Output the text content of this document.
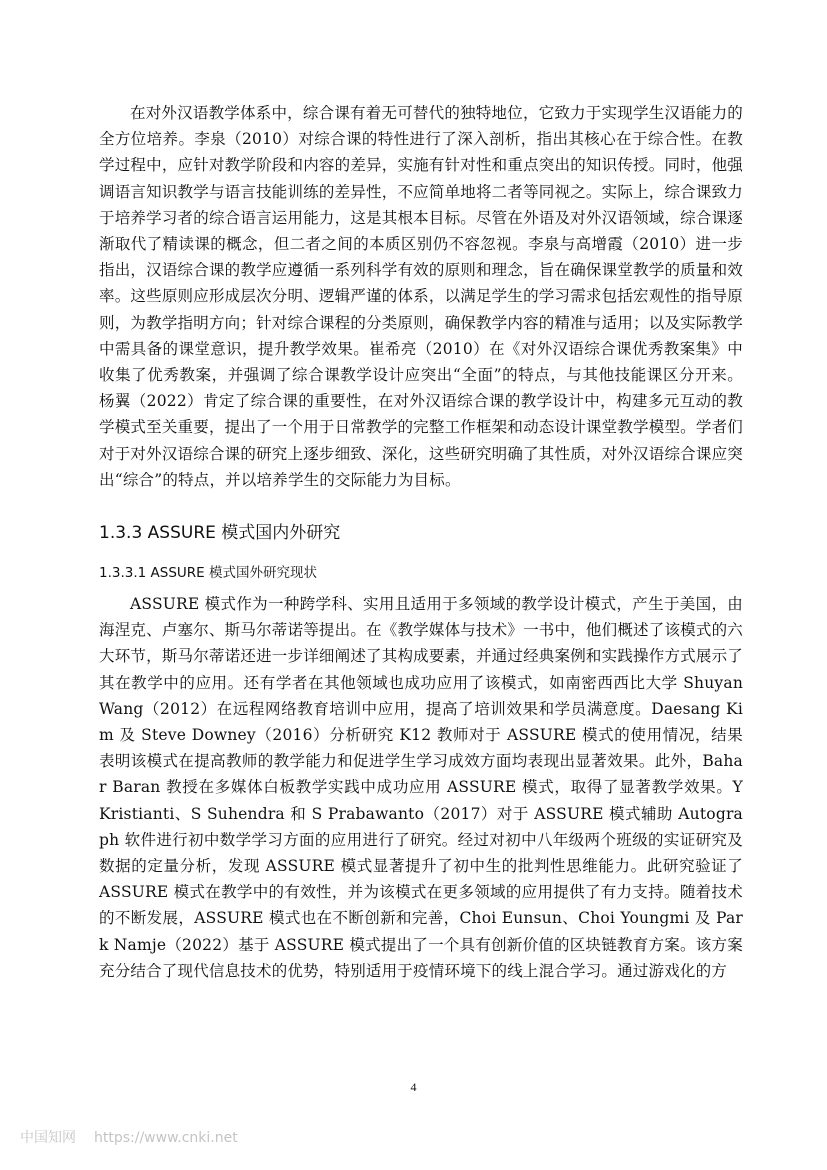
在对外汉语教学体系中，综合课有着无可替代的独特地位，它致力于实现学生汉语能力的全方位培养。李泉（2010）对综合课的特性进行了深入剖析，指出其核心在于综合性。在教学过程中，应针对教学阶段和内容的差异，实施有针对性和重点突出的知识传授。同时，他强调语言知识教学与语言技能训练的差异性，不应简单地将二者等同视之。实际上，综合课致力于培养学习者的综合语言运用能力，这是其根本目标。尽管在外语及对外汉语领域，综合课逐渐取代了精读课的概念，但二者之间的本质区别仍不容忽视。李泉与高增霞（2010）进一步指出，汉语综合课的教学应遵循一系列科学有效的原则和理念，旨在确保课堂教学的质量和效率。这些原则应形成层次分明、逻辑严谨的体系，以满足学生的学习需求包括宏观性的指导原则，为教学指明方向；针对综合课程的分类原则，确保教学内容的精准与适用；以及实际教学中需具备的课堂意识，提升教学效果。崔希亮（2010）在《对外汉语综合课优秀教案集》中收集了优秀教案，并强调了综合课教学设计应突出“全面”的特点，与其他技能课区分开来。杨翼（2022）肯定了综合课的重要性，在对外汉语综合课的教学设计中，构建多元互动的教学模式至关重要，提出了一个用于日常教学的完整工作框架和动态设计课堂教学模型。学者们对于对外汉语综合课的研究上逐步细致、深化，这些研究明确了其性质，对外汉语综合课应突出“综合”的特点，并以培养学生的交际能力为目标。

1.3.3 ASSURE 模式国内外研究
1.3.3.1 ASSURE 模式国外研究现状

ASSURE 模式作为一种跨学科、实用且适用于多领域的教学设计模式，产生于美国，由海涅克、卢塞尔、斯马尔蒂诺等提出。在《教学媒体与技术》一书中，他们概述了该模式的六大环节，斯马尔蒂诺还进一步详细阐述了其构成要素，并通过经典案例和实践操作方式展示了其在教学中的应用。还有学者在其他领域也成功应用了该模式，如南密西西比大学 Shuyan Wang（2012）在远程网络教育培训中应用，提高了培训效果和学员满意度。Daesang Kim 及 Steve Downey（2016）分析研究 K12 教师对于 ASSURE 模式的使用情况，结果表明该模式在提高教师的教学能力和促进学生学习成效方面均表现出显著效果。此外，Bahar Baran 教授在多媒体白板教学实践中成功应用 ASSURE 模式，取得了显著教学效果。Y Kristianti、S Suhendra 和 S Prabawanto（2017）对于 ASSURE 模式辅助 Autograph 软件进行初中数学学习方面的应用进行了研究。经过对初中八年级两个班级的实证研究及数据的定量分析，发现 ASSURE 模式显著提升了初中生的批判性思维能力。此研究验证了 ASSURE 模式在教学中的有效性，并为该模式在更多领域的应用提供了有力支持。随着技术的不断发展，ASSURE 模式也在不断创新和完善，Choi Eunsun、Choi Youngmi 及 Park Namje（2022）基于 ASSURE 模式提出了一个具有创新价值的区块链教育方案。该方案充分结合了现代信息技术的优势，特别适用于疫情环境下的线上混合学习。通过游戏化的方

4
中国知网 https://www.cnki.net
